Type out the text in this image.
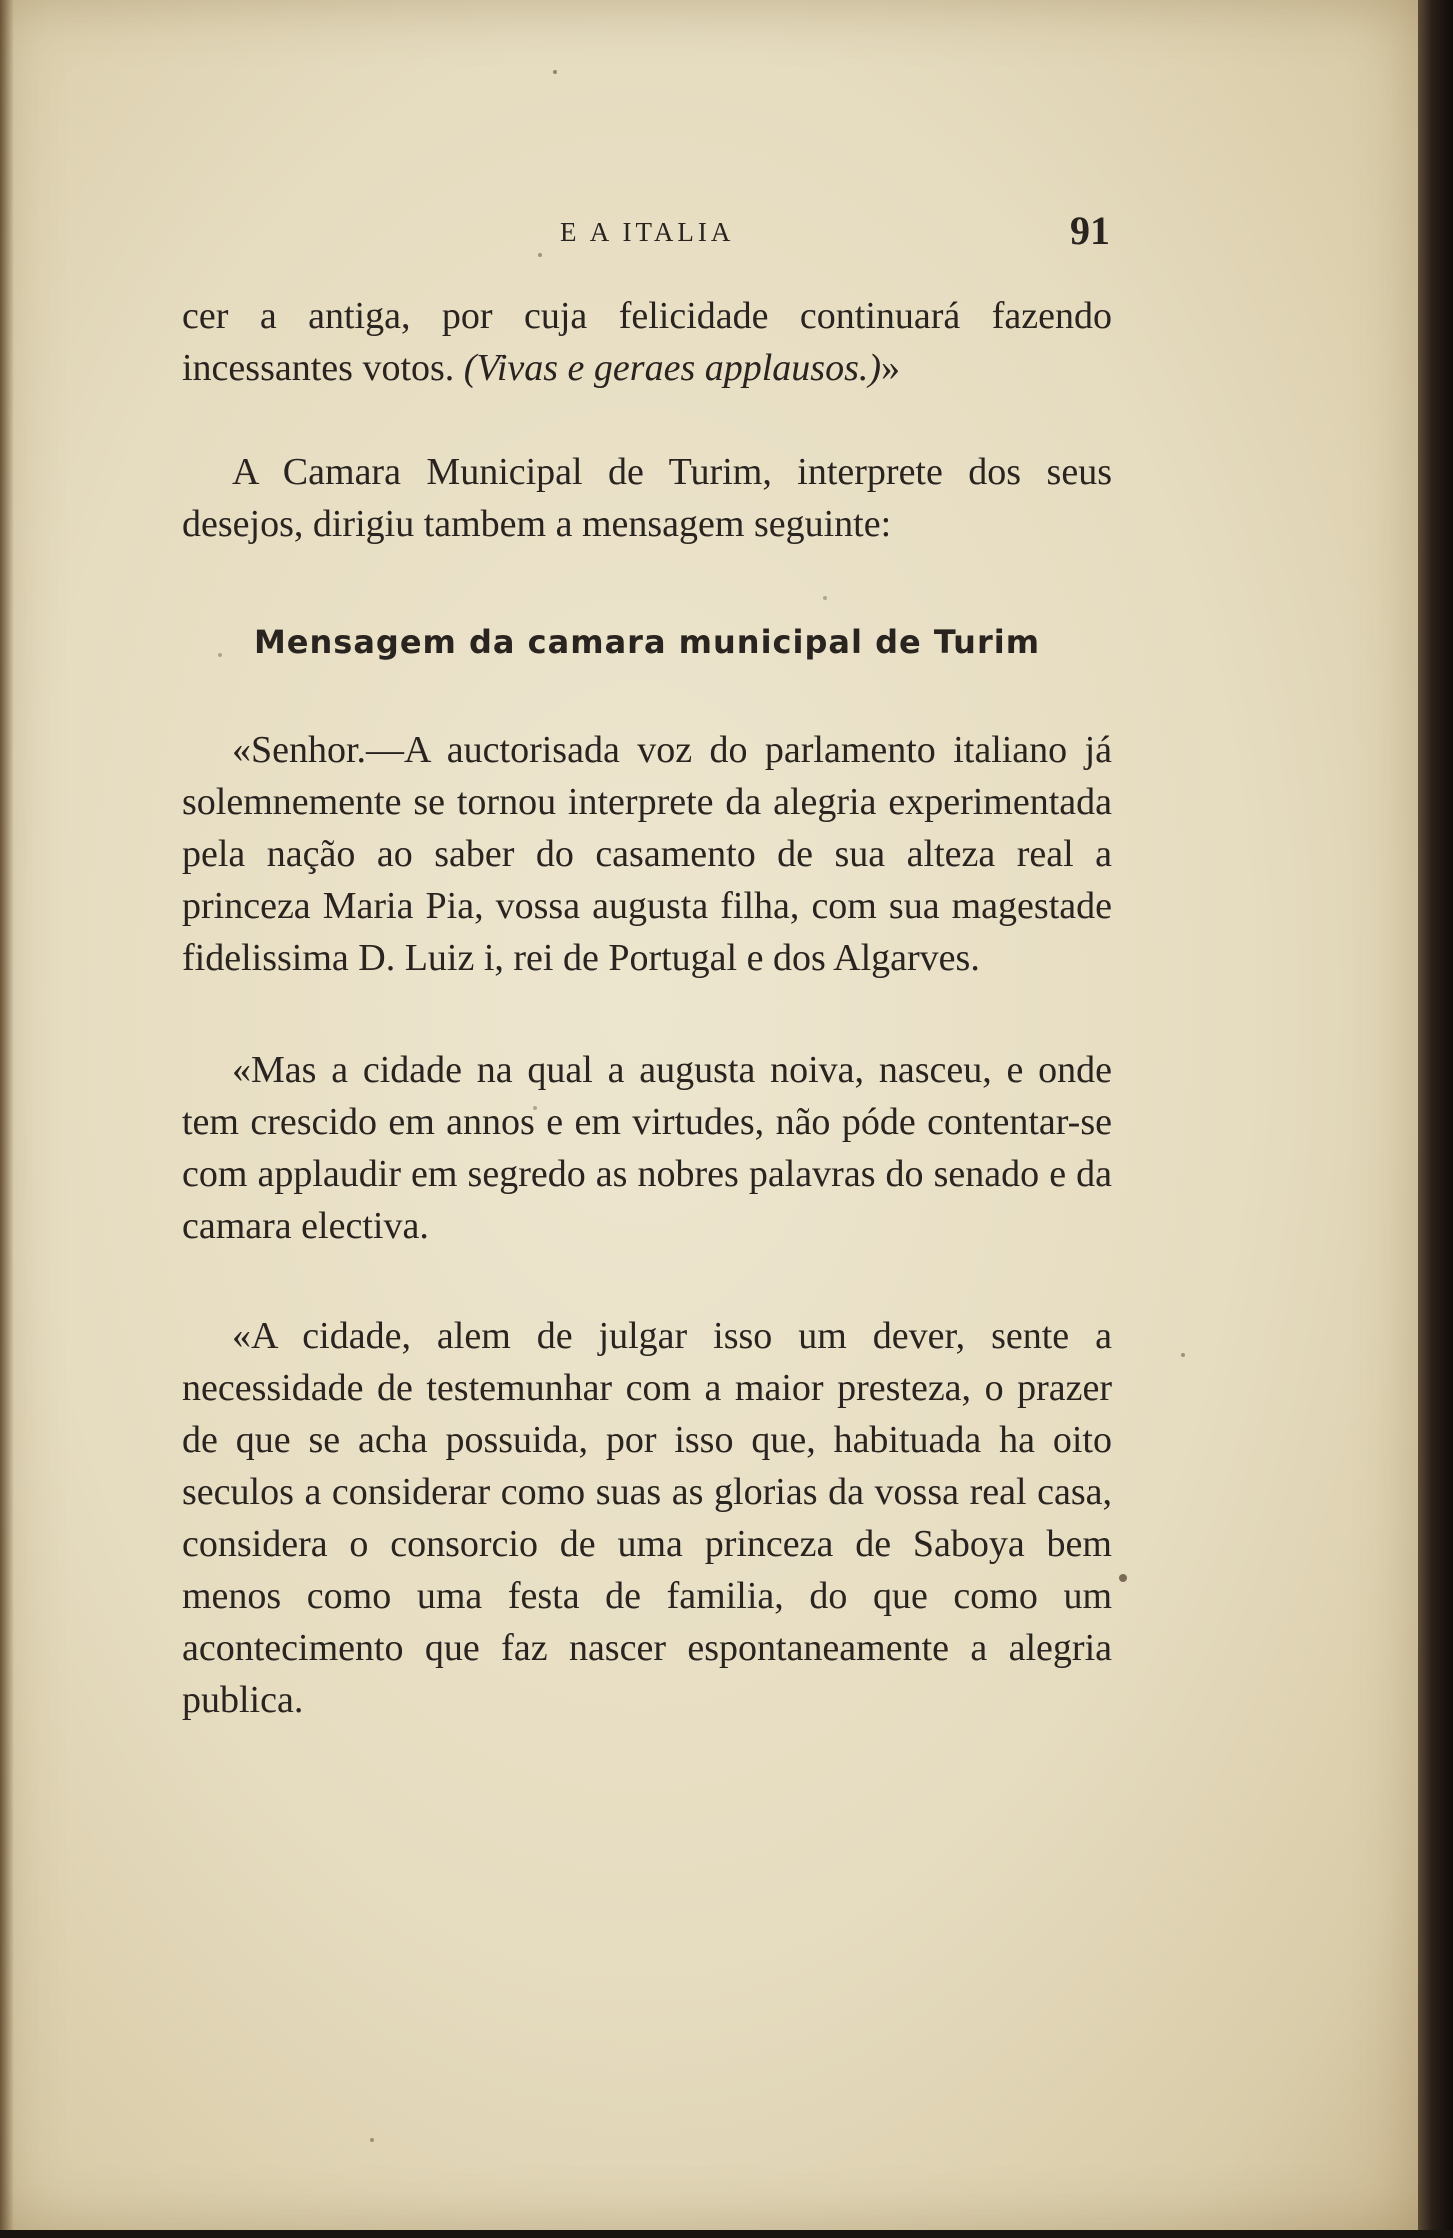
E A ITALIA	91

cer a antiga, por cuja felicidade continuará fazendo incessantes votos. (Vivas e geraes applausos.)»

A Camara Municipal de Turim, interprete dos seus desejos, dirigiu tambem a mensagem seguinte:

Mensagem da camara municipal de Turim

«Senhor.—A auctorisada voz do parlamento italiano já solemnemente se tornou interprete da alegria experimentada pela nação ao saber do casamento de sua alteza real a princeza Maria Pia, vossa augusta filha, com sua magestade fidelissima D. Luiz i, rei de Portugal e dos Algarves.

«Mas a cidade na qual a augusta noiva, nasceu, e onde tem crescido em annos e em virtudes, não póde contentar-se com applaudir em segredo as nobres palavras do senado e da camara electiva.

«A cidade, alem de julgar isso um dever, sente a necessidade de testemunhar com a maior presteza, o prazer de que se acha possuida, por isso que, habituada ha oito seculos a considerar como suas as glorias da vossa real casa, considera o consorcio de uma princeza de Saboya bem menos como uma festa de familia, do que como um acontecimento que faz nascer espontaneamente a alegria publica.
